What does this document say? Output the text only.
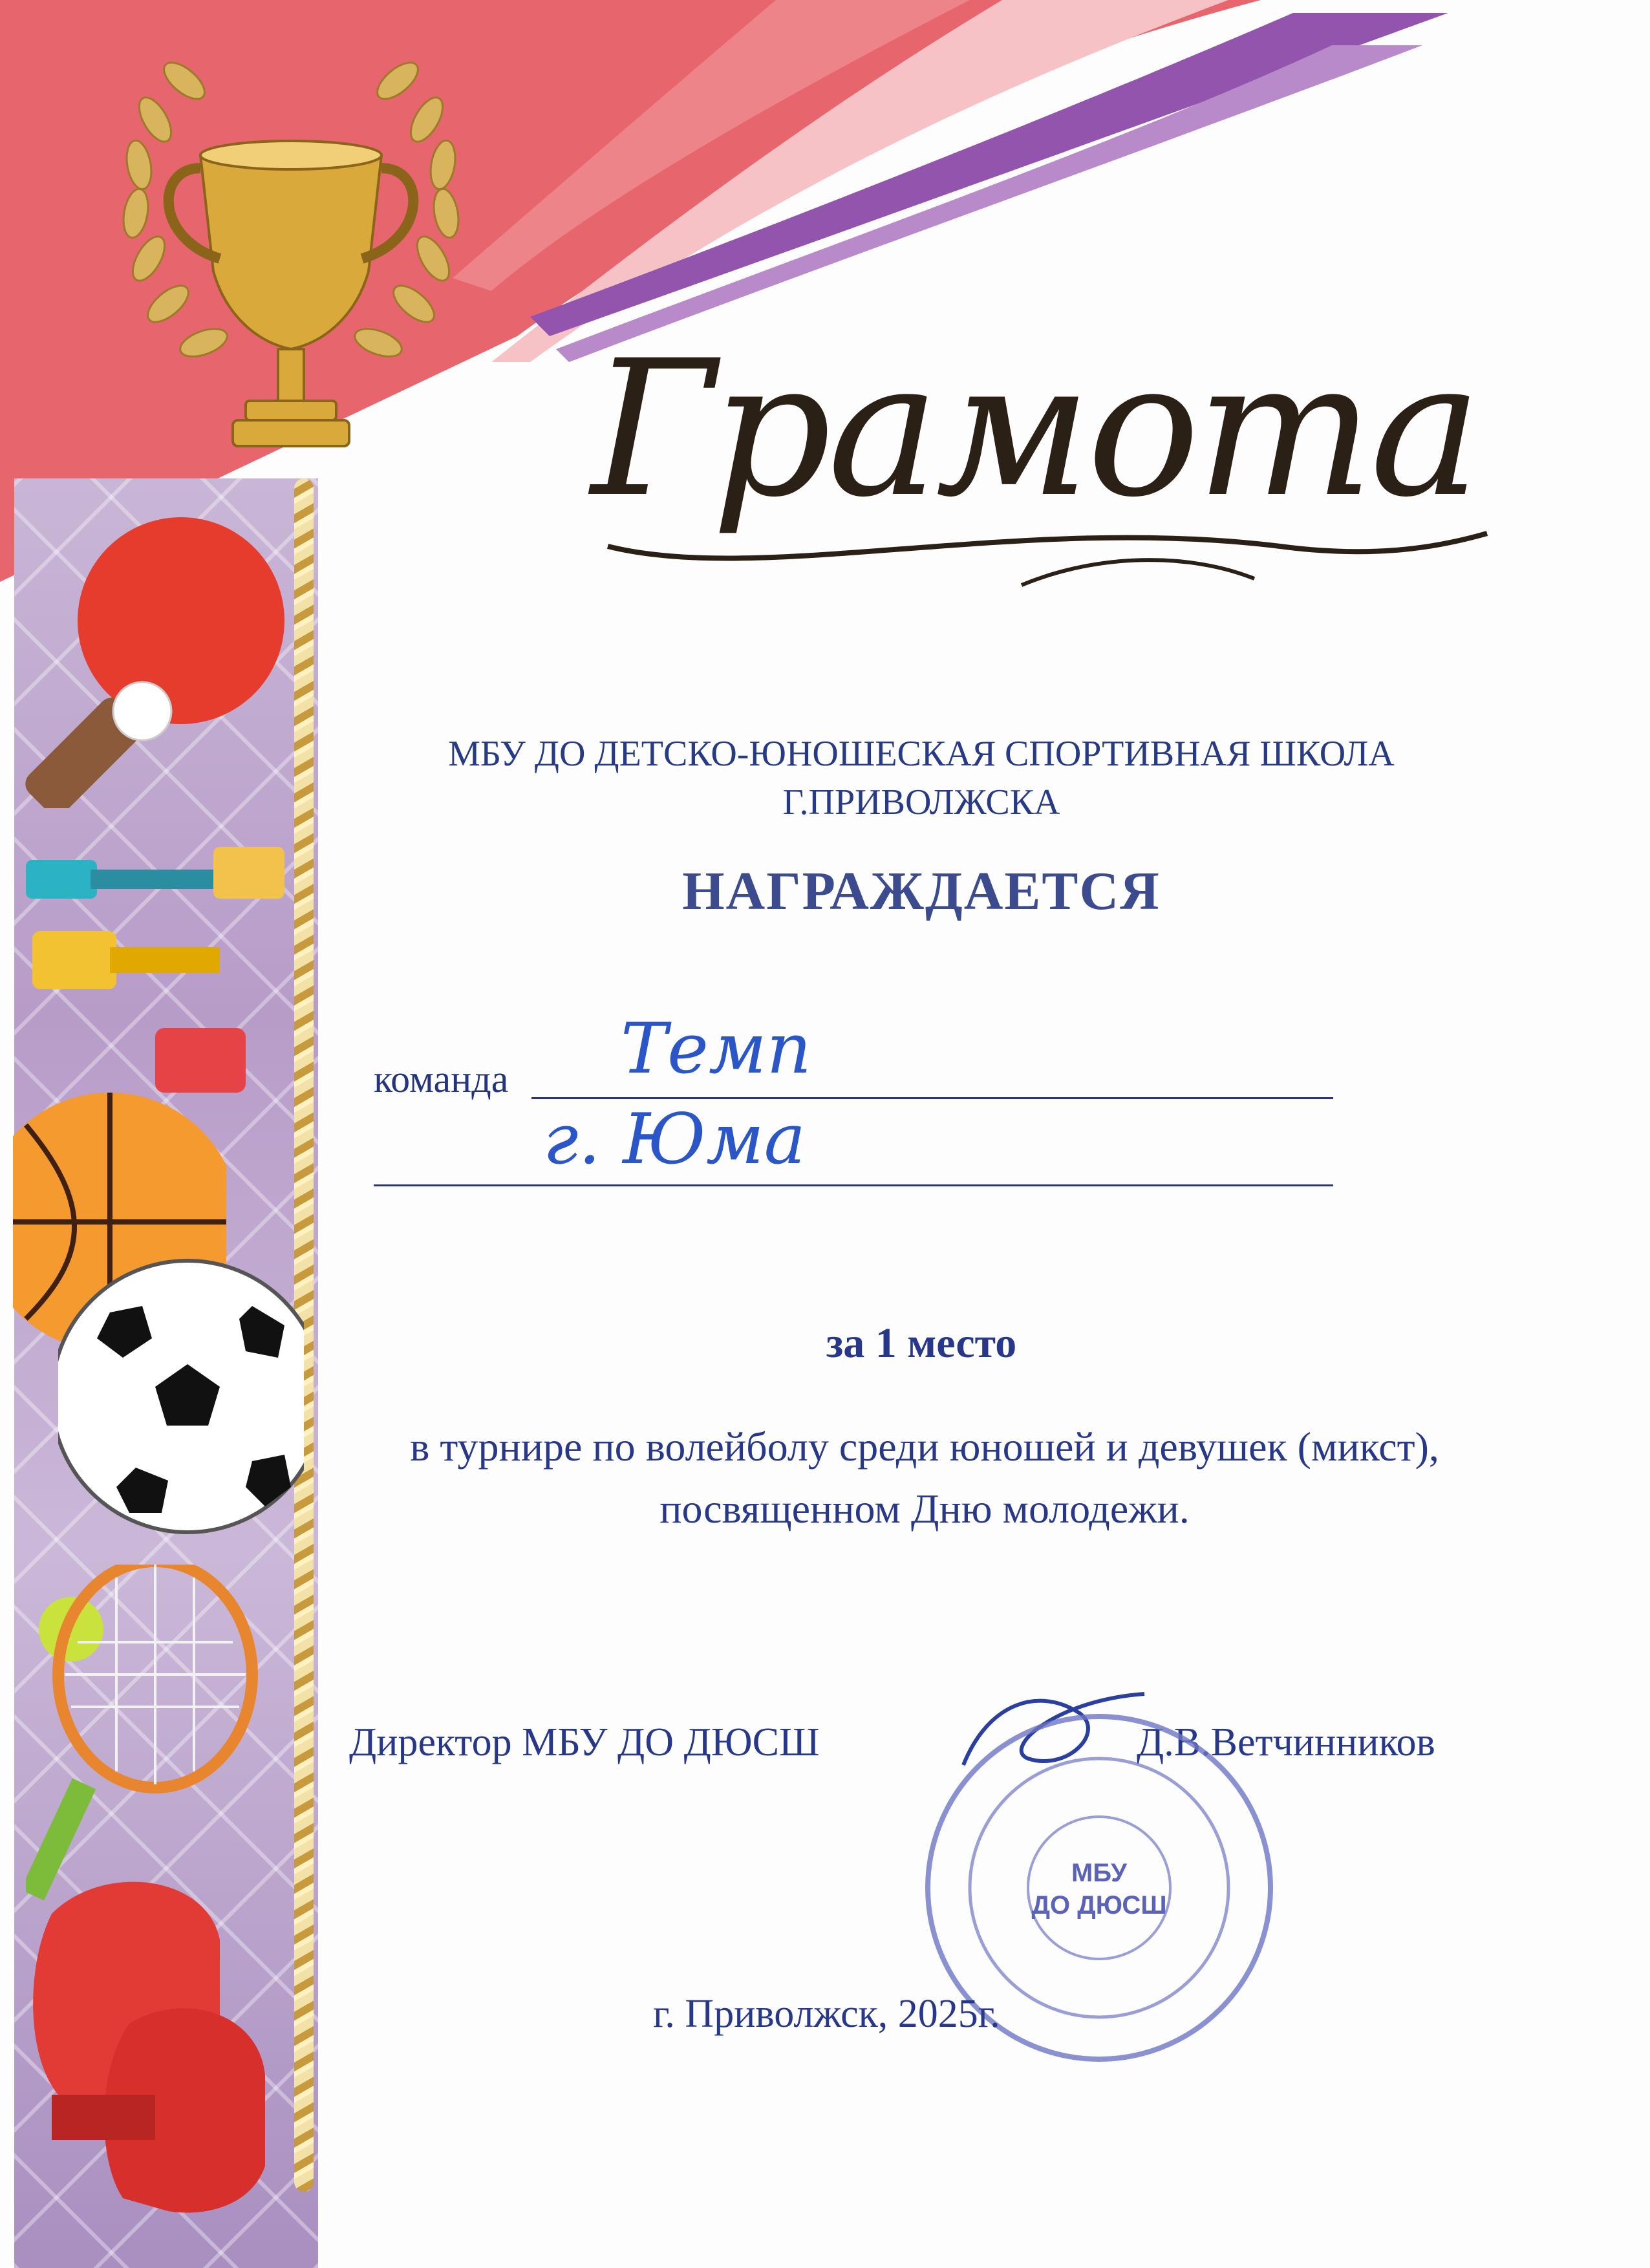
Грамота
МБУ ДО ДЕТСКО-ЮНОШЕСКАЯ СПОРТИВНАЯ ШКОЛА
Г.ПРИВОЛЖСКА
НАГРАЖДАЕТСЯ
команда Темп
г. Юма
за 1 место
в турнире по волейболу среди юношей и девушек (микст),
посвященном Дню молодежи.
Директор МБУ ДО ДЮСШ	Д.В.Ветчинников
МБУ
ДО ДЮСШ
г. Приволжск, 2025г.
